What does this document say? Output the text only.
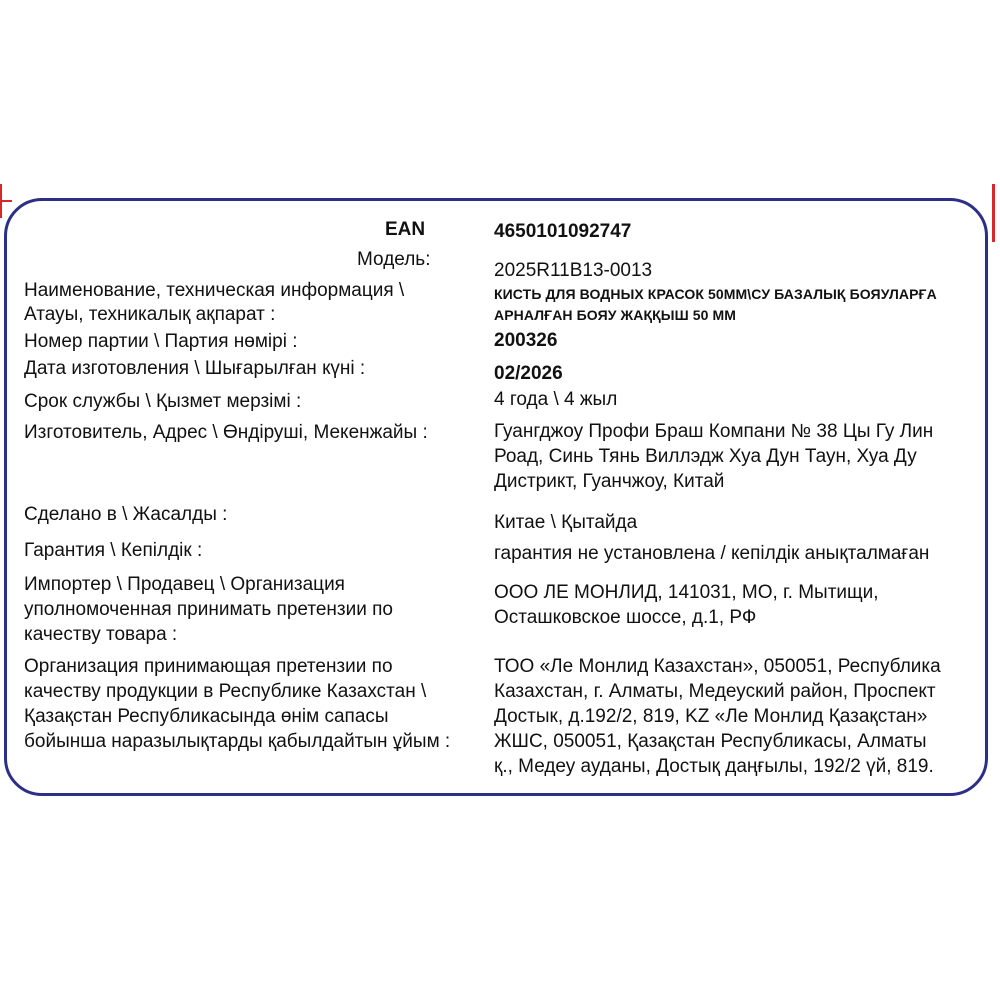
EAN	4650101092747
Модель:
2025R11B13-0013
Наименование, техническая информация \
Атауы, техникалық ақпарат :
КИСТЬ ДЛЯ ВОДНЫХ КРАСОК 50ММ\СУ БАЗАЛЫҚ БОЯУЛАРҒА
АРНАЛҒАН БОЯУ ЖАҚҚЫШ 50 ММ
Номер партии \ Партия нөмірі :	200326
Дата изготовления \ Шығарылған күні :	02/2026
Срок службы \ Қызмет мерзімі :	4 года \ 4 жыл
Изготовитель, Адрес \ Өндіруші, Мекенжайы :	Гуангджоу Профи Браш Компани № 38 Цы Гу Лин
Роад, Синь Тянь Виллэдж Хуа Дун Таун, Хуа Ду
Дистрикт, Гуанчжоу, Китай
Сделано в \ Жасалды :	Китае \ Қытайда
Гарантия \ Кепілдік :	гарантия не установлена / кепілдік анықталмаған
Импортер \ Продавец \ Организация
уполномоченная принимать претензии по
качеству товара :
ООО ЛЕ МОНЛИД, 141031, МО, г. Мытищи,
Осташковское шоссе, д.1, РФ
Организация принимающая претензии по
качеству продукции в Республике Казахстан \
Қазақстан Республикасында өнім сапасы
бойынша наразылықтарды қабылдайтын ұйым :
ТОО «Ле Монлид Казахстан», 050051, Республика
Казахстан, г. Алматы, Медеуский район, Проспект
Достык, д.192/2, 819, KZ «Ле Монлид Қазақстан»
ЖШС, 050051, Қазақстан Республикасы, Алматы
қ., Медеу ауданы, Достық даңғылы, 192/2 үй, 819.
